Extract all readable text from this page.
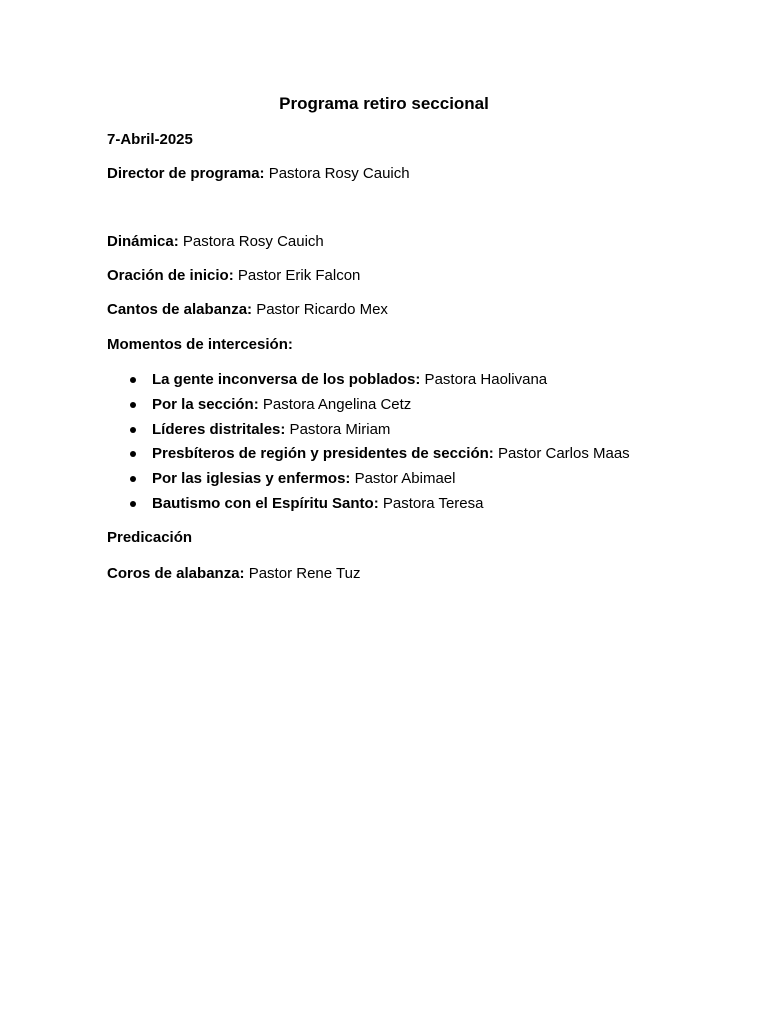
Programa retiro seccional
7-Abril-2025
Director de programa: Pastora Rosy Cauich
Dinámica: Pastora Rosy Cauich
Oración de inicio: Pastor Erik Falcon
Cantos de alabanza: Pastor Ricardo Mex
Momentos de intercesión:
La gente inconversa de los poblados: Pastora Haolivana
Por la sección: Pastora Angelina Cetz
Líderes distritales: Pastora Miriam
Presbíteros de región y presidentes de sección: Pastor Carlos Maas
Por las iglesias y enfermos: Pastor Abimael
Bautismo con el Espíritu Santo: Pastora Teresa
Predicación
Coros de alabanza: Pastor Rene Tuz
